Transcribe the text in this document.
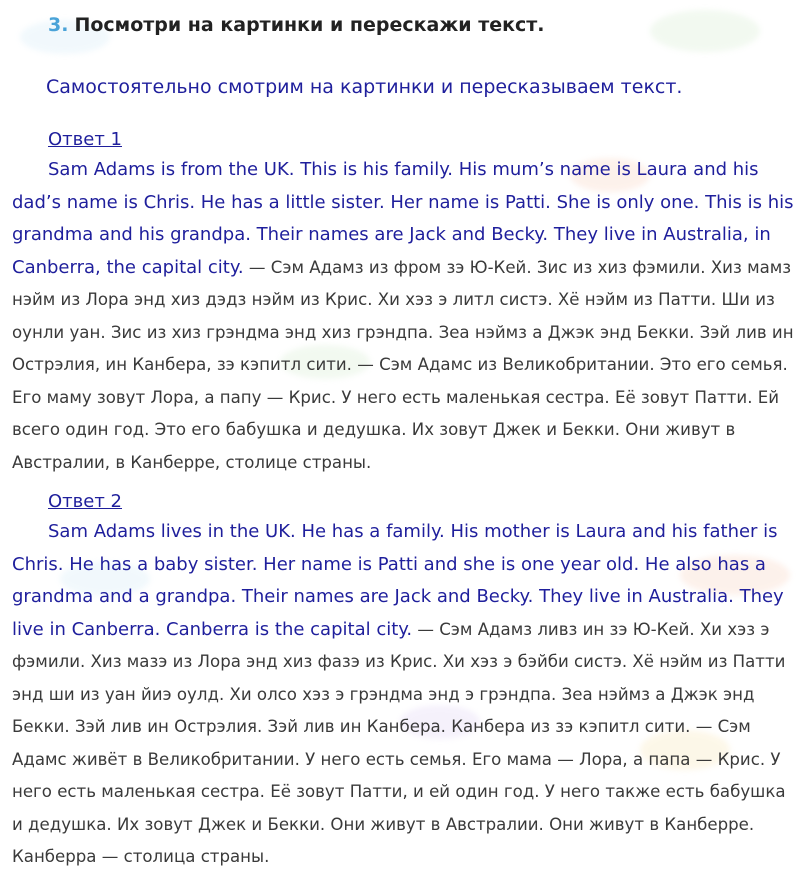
3. Посмотри на картинки и перескажи текст.
Самостоятельно смотрим на картинки и пересказываем текст.
Ответ 1

Sam Adams is from the UK. This is his family. His mum’s name is Laura and his dad’s name is Chris. He has a little sister. Her name is Patti. She is only one. This is his grandma and his grandpa. Their names are Jack and Becky. They live in Australia, in Canberra, the capital city. — Сэм Адамз из фром зэ Ю-Кей. Зис из хиз фэмили. Хиз мамз нэйм из Лора энд хиз дэдз нэйм из Крис. Хи хэз э литл систэ. Хё нэйм из Патти. Ши из оунли уан. Зис из хиз грэндма энд хиз грэндпа. Зеа нэймз а Джэк энд Бекки. Зэй лив ин Острэлия, ин Канбера, зэ кэпитл сити. — Сэм Адамс из Великобритании. Это его семья. Его маму зовут Лора, а папу — Крис. У него есть маленькая сестра. Её зовут Патти. Ей всего один год. Это его бабушка и дедушка. Их зовут Джек и Бекки. Они живут в Австралии, в Канберре, столице страны.

Ответ 2

Sam Adams lives in the UK. He has a family. His mother is Laura and his father is Chris. He has a baby sister. Her name is Patti and she is one year old. He also has a grandma and a grandpa. Their names are Jack and Becky. They live in Australia. They live in Canberra. Canberra is the capital city. — Сэм Адамз ливз ин зэ Ю-Кей. Хи хэз э фэмили. Хиз мазэ из Лора энд хиз фазэ из Крис. Хи хэз э бэйби систэ. Хё нэйм из Патти энд ши из уан йиэ оулд. Хи олсо хэз э грэндма энд э грэндпа. Зеа нэймз а Джэк энд Бекки. Зэй лив ин Острэлия. Зэй лив ин Канбера. Канбера из зэ кэпитл сити. — Сэм Адамс живёт в Великобритании. У него есть семья. Его мама — Лора, а папа — Крис. У него есть маленькая сестра. Её зовут Патти, и ей один год. У него также есть бабушка и дедушка. Их зовут Джек и Бекки. Они живут в Австралии. Они живут в Канберре. Канберра — столица страны.
